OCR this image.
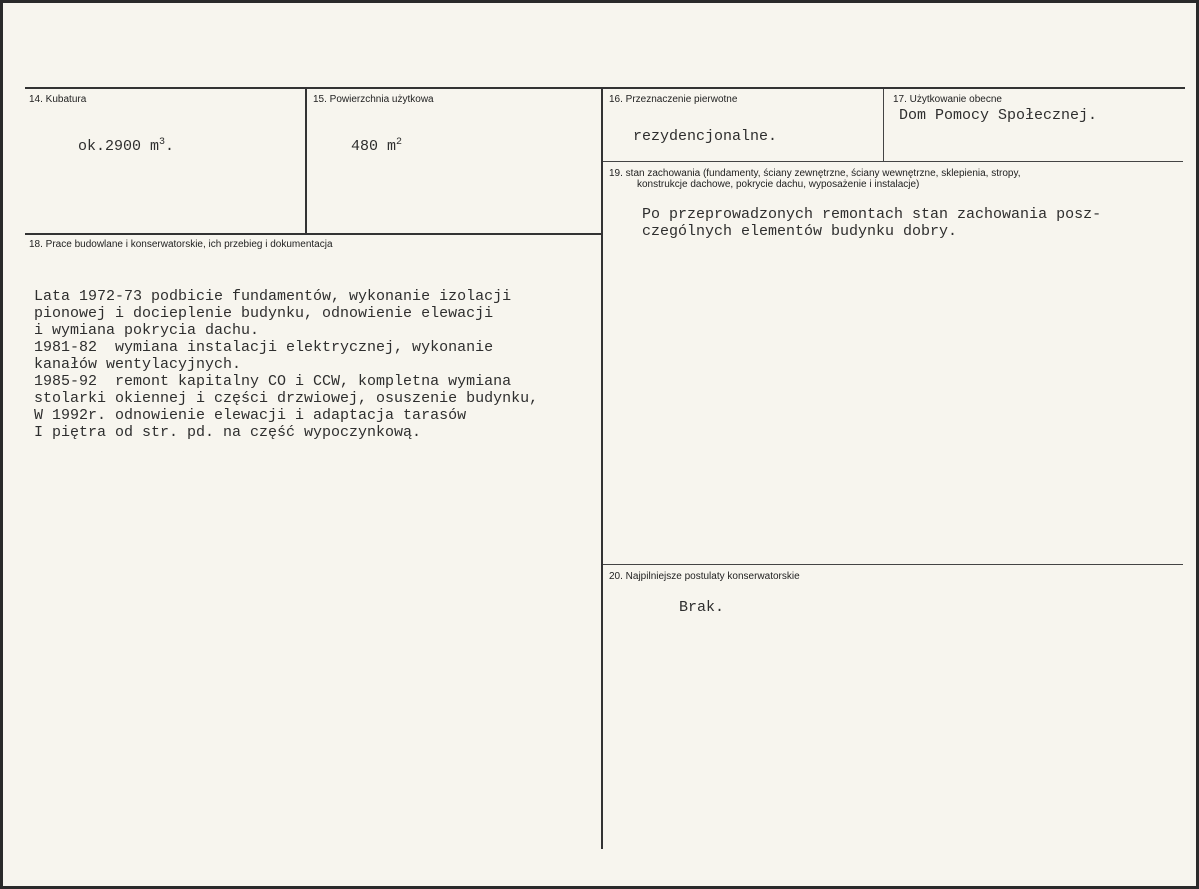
14. Kubatura
ok.2900 $m^3$.
15. Powierzchnia użytkowa
480 $m^2$
16. Przeznaczenie pierwotne
rezydencjonalne.
17. Użytkowanie obecne
Dom Pomocy Społecznej.
18. Prace budowlane i konserwatorskie, ich przebieg i dokumentacja
Lata 1972-73 podbicie fundamentów, wykonanie izolacji
pionowej i docieplenie budynku, odnowienie elewacji
i wymiana pokrycia dachu.
1981-82  wymiana instalacji elektrycznej, wykonanie
kanałów wentylacyjnych.
1985-92  remont kapitalny CO i CCW, kompletna wymiana
stolarki okiennej i części drzwiowej, osuszenie budynku,
W 1992r. odnowienie elewacji i adaptacja tarasów
I piętra od str. pd. na część wypoczynkową.
19. stan zachowania (fundamenty, ściany zewnętrzne, ściany wewnętrzne, sklepienia, stropy,
konstrukcje dachowe, pokrycie dachu, wyposażenie i instalacje)
Po przeprowadzonych remontach stan zachowania posz-
czególnych elementów budynku dobry.
20. Najpilniejsze postulaty konserwatorskie
Brak.
